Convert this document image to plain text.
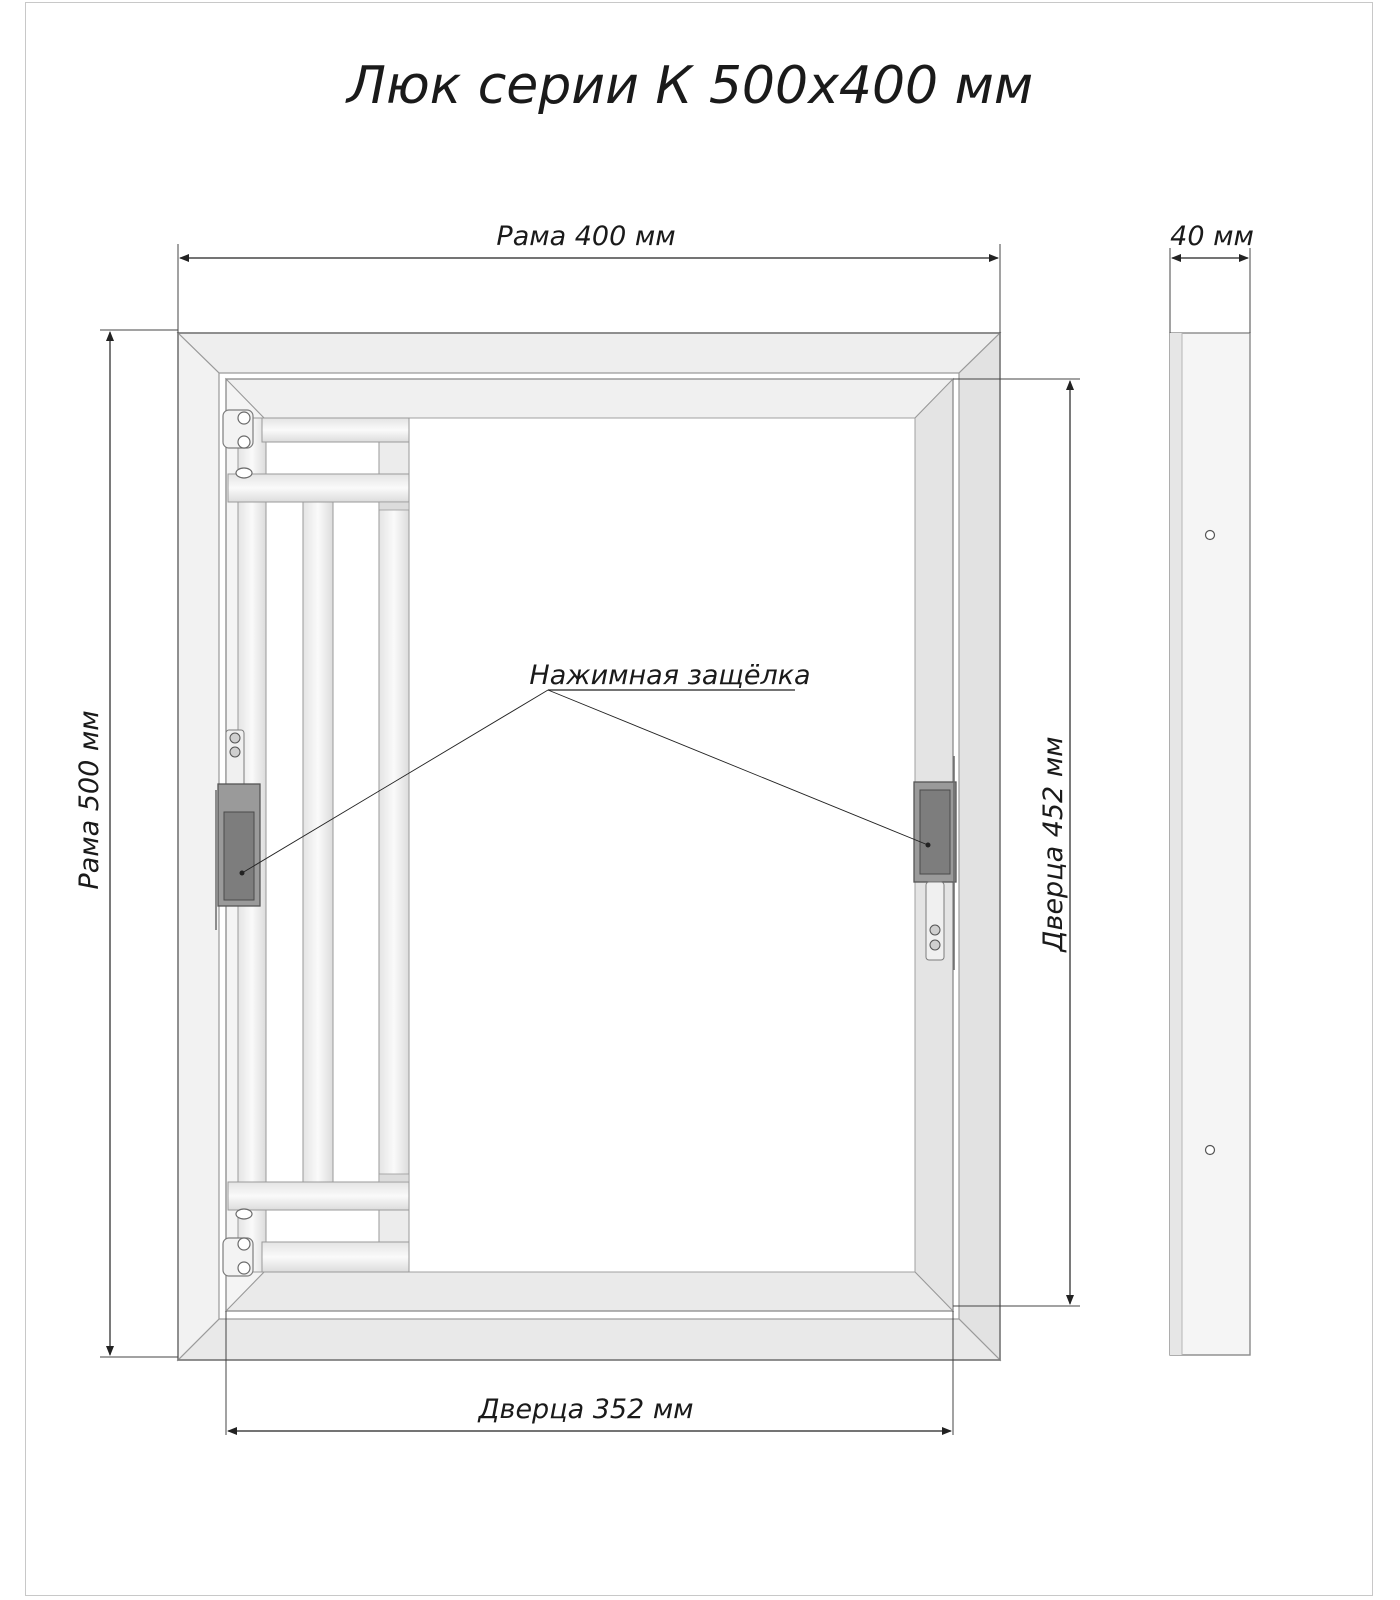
Люк серии К 500х400 мм
Нажимная защёлка
Рама 400 мм
Рама 500 мм	Дверца 452 мм
Дверца 352 мм
40 мм
